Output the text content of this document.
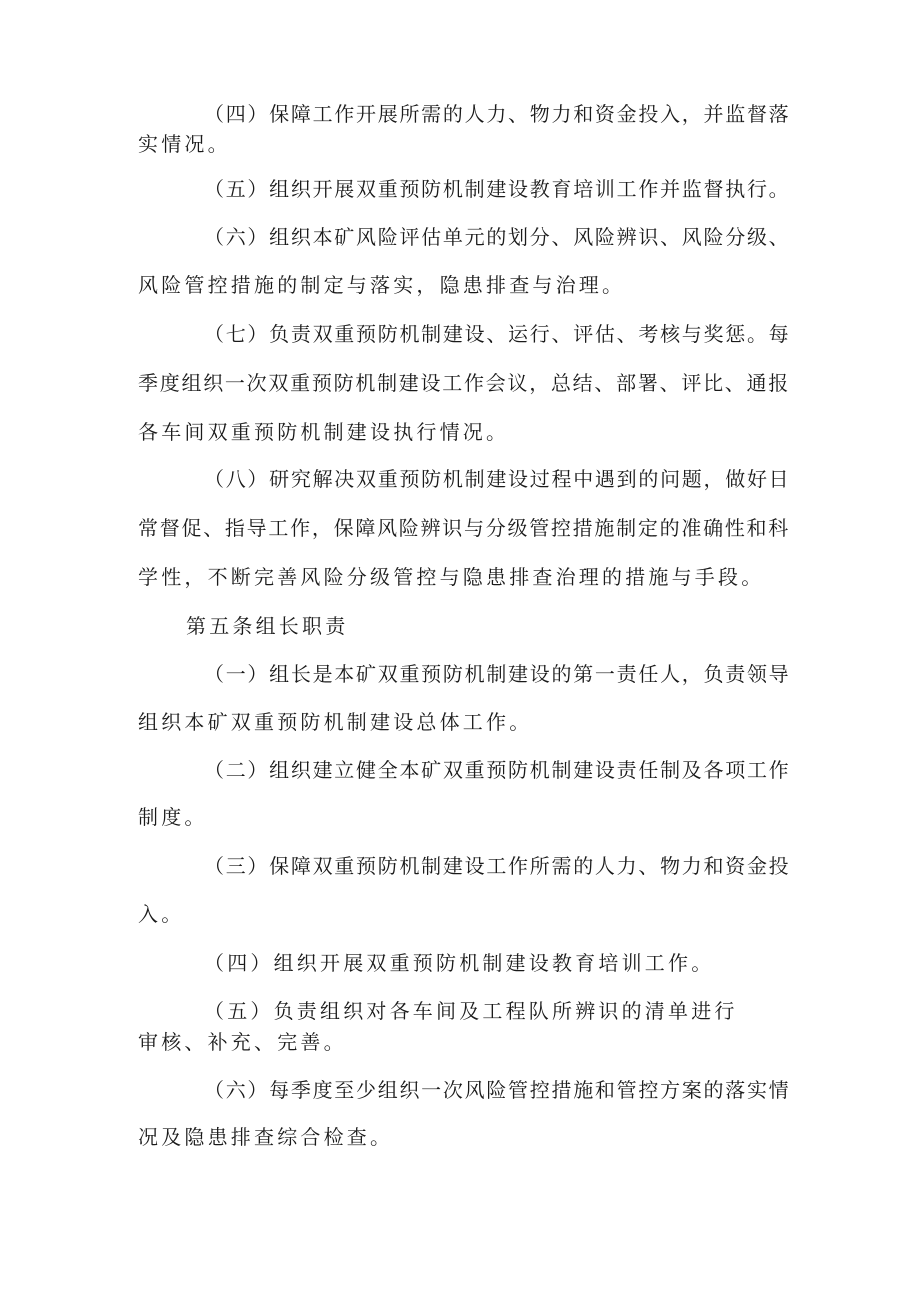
（四）保障工作开展所需的人力、物力和资金投入，并监督落
实情况。
（五）组织开展双重预防机制建设教育培训工作并监督执行。
（六）组织本矿风险评估单元的划分、风险辨识、风险分级、
风险管控措施的制定与落实，隐患排查与治理。
（七）负责双重预防机制建设、运行、评估、考核与奖惩。每
季度组织一次双重预防机制建设工作会议，总结、部署、评比、通报
各车间双重预防机制建设执行情况。
（八）研究解决双重预防机制建设过程中遇到的问题，做好日
常督促、指导工作，保障风险辨识与分级管控措施制定的准确性和科
学性，不断完善风险分级管控与隐患排查治理的措施与手段。
第五条组长职责
（一）组长是本矿双重预防机制建设的第一责任人，负责领导
组织本矿双重预防机制建设总体工作。
（二）组织建立健全本矿双重预防机制建设责任制及各项工作
制度。
（三）保障双重预防机制建设工作所需的人力、物力和资金投
入。
（四）组织开展双重预防机制建设教育培训工作。
（五）负责组织对各车间及工程队所辨识的清单进行
审核、补充、完善。
（六）每季度至少组织一次风险管控措施和管控方案的落实情
况及隐患排查综合检查。
